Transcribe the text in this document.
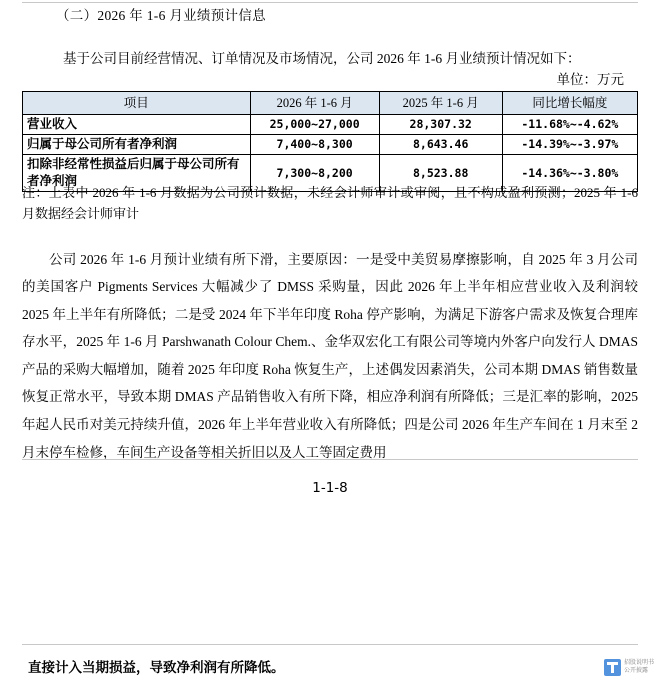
（二）2026 年 1-6 月业绩预计信息

基于公司目前经营情况、订单情况及市场情况，公司 2026 年 1-6 月业绩预计情况如下：

单位：万元
项目	2026 年 1-6 月	2025 年 1-6 月	同比增长幅度
营业收入	25,000~27,000	28,307.32	-11.68%~-4.62%
归属于母公司所有者净利润	7,400~8,300	8,643.46	-14.39%~-3.97%
扣除非经常性损益后归属于母公司所有者净利润	7,300~8,200	8,523.88	-14.36%~-3.80%
注：上表中 2026 年 1-6 月数据为公司预计数据，未经会计师审计或审阅，且不构成盈利预测；2025 年 1-6 月数据经会计师审计

公司 2026 年 1-6 月预计业绩有所下滑，主要原因：一是受中美贸易摩擦影响，自 2025 年 3 月公司的美国客户 Pigments Services 大幅减少了 DMSS 采购量，因此 2026 年上半年相应营业收入及利润较 2025 年上半年有所降低；二是受 2024 年下半年印度 Roha 停产影响，为满足下游客户需求及恢复合理库存水平，2025 年 1-6 月 Parshwanath Colour Chem.、金华双宏化工有限公司等境内外客户向发行人 DMAS 产品的采购大幅增加，随着 2025 年印度 Roha 恢复生产，上述偶发因素消失，公司本期 DMAS 销售数量恢复正常水平，导致本期 DMAS 产品销售收入有所下降，相应净利润有所降低；三是汇率的影响，2025 年起人民币对美元持续升值，2026 年上半年营业收入有所降低；四是公司 2026 年生产车间在 1 月末至 2 月末停车检修，车间生产设备等相关折旧以及人工等固定费用

1-1-8
直接计入当期损益，导致净利润有所降低。	招股说明书
公开披露
